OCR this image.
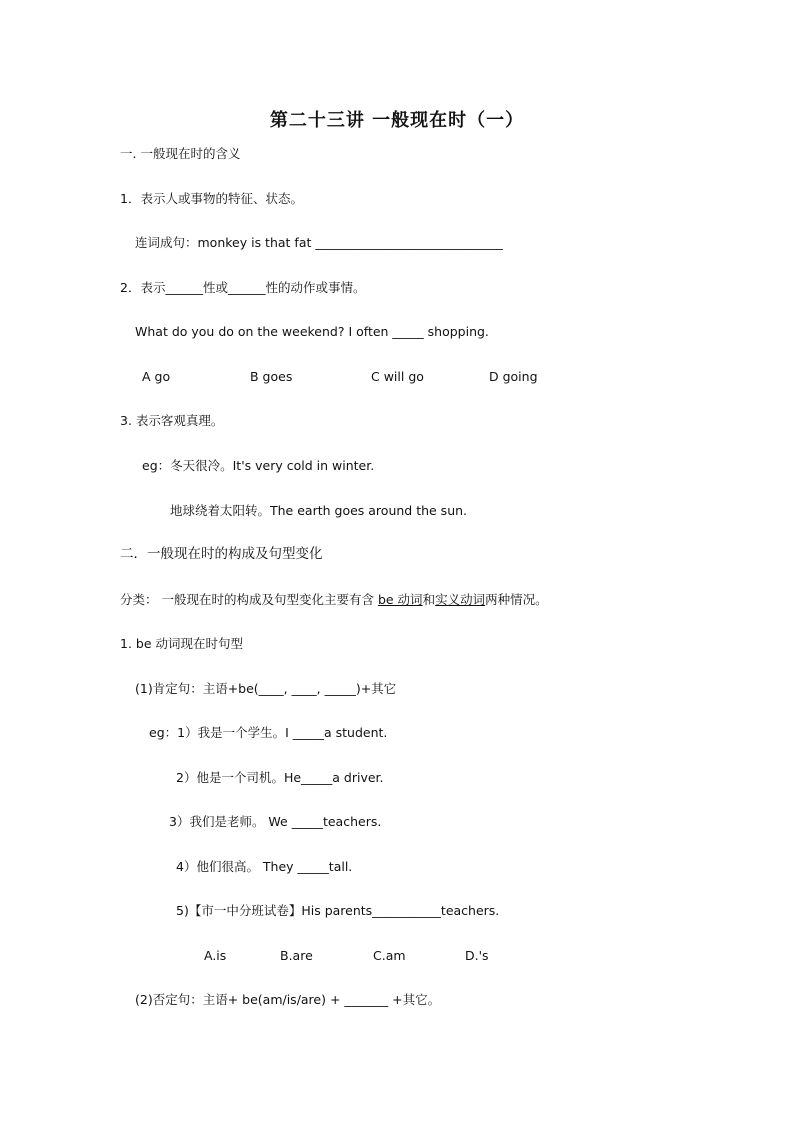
第二十三讲 一般现在时（一）
一. 一般现在时的含义
1．表示人或事物的特征、状态。
连词成句：monkey is that fat ______________________________
2．表示______性或______性的动作或事情。
What do you do on the weekend? I often _____ shopping.
A go	B goes	C will go	D going
3. 表示客观真理。
eg：冬天很冷。It's very cold in winter.
地球绕着太阳转。The earth goes around the sun.
二．一般现在时的构成及句型变化
分类： 一般现在时的构成及句型变化主要有含 be 动词和实义动词两种情况。
1. be 动词现在时句型
(1)肯定句：主语+be(____, ____, _____)+其它
eg：1）我是一个学生。I _____a student.
2）他是一个司机。He_____a driver.
3）我们是老师。 We _____teachers.
4）他们很高。 They _____tall.
5)【市一中分班试卷】His parents___________teachers.
A.is	B.are	C.am	D.'s
(2)否定句：主语+ be(am/is/are) + _______ +其它。
